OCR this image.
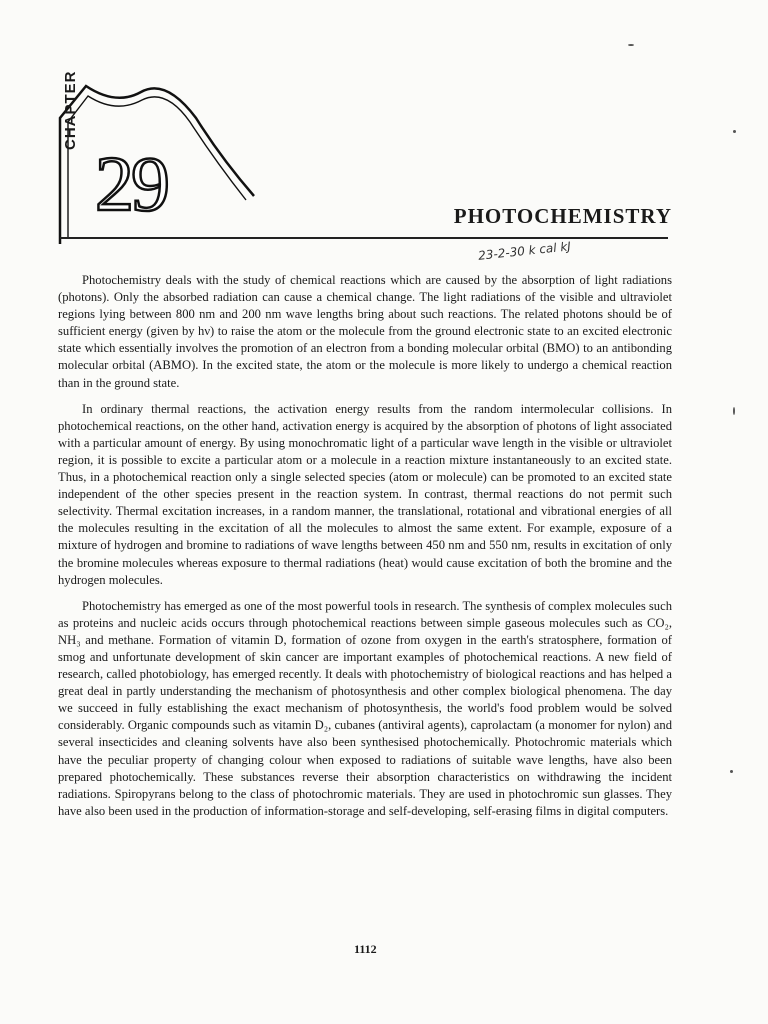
CHAPTER
29	PHOTOCHEMISTRY
23-2-30 k cal kJ

Photochemistry deals with the study of chemical reactions which are caused by the absorption of light radiations (photons). Only the absorbed radiation can cause a chemical change. The light radiations of the visible and ultraviolet regions lying between 800 nm and 200 nm wave lengths bring about such reactions. The related photons should be of sufficient energy (given by hν) to raise the atom or the molecule from the ground electronic state to an excited electronic state which essentially involves the promotion of an electron from a bonding molecular orbital (BMO) to an antibonding molecular orbital (ABMO). In the excited state, the atom or the molecule is more likely to undergo a chemical reaction than in the ground state.

In ordinary thermal reactions, the activation energy results from the random intermolecular collisions. In photochemical reactions, on the other hand, activation energy is acquired by the absorption of photons of light associated with a particular amount of energy. By using monochromatic light of a particular wave length in the visible or ultraviolet region, it is possible to excite a particular atom or a molecule in a reaction mixture instantaneously to an excited state. Thus, in a photochemical reaction only a single selected species (atom or molecule) can be promoted to an excited state independent of the other species present in the reaction system. In contrast, thermal reactions do not permit such selectivity. Thermal excitation increases, in a random manner, the translational, rotational and vibrational energies of all the molecules resulting in the excitation of all the molecules to almost the same extent. For example, exposure of a mixture of hydrogen and bromine to radiations of wave lengths between 450 nm and 550 nm, results in excitation of only the bromine molecules whereas exposure to thermal radiations (heat) would cause excitation of both the bromine and the hydrogen molecules.

Photochemistry has emerged as one of the most powerful tools in research. The synthesis of complex molecules such as proteins and nucleic acids occurs through photochemical reactions between simple gaseous molecules such as CO₂, NH₃ and methane. Formation of vitamin D, formation of ozone from oxygen in the earth's stratosphere, formation of smog and unfortunate development of skin cancer are important examples of photochemical reactions. A new field of research, called photobiology, has emerged recently. It deals with photochemistry of biological reactions and has helped a great deal in partly understanding the mechanism of photosynthesis and other complex biological phenomena. The day we succeed in fully establishing the exact mechanism of photosynthesis, the world's food problem would be solved considerably. Organic compounds such as vitamin D₂, cubanes (antiviral agents), caprolactam (a monomer for nylon) and several insecticides and cleaning solvents have also been synthesised photochemically. Photochromic materials which have the peculiar property of changing colour when exposed to radiations of suitable wave lengths, have also been prepared photochemically. These substances reverse their absorption characteristics on withdrawing the incident radiations. Spiropyrans belong to the class of photochromic materials. They are used in photochromic sun glasses. They have also been used in the production of information-storage and self-developing, self-erasing films in digital computers.

1112
